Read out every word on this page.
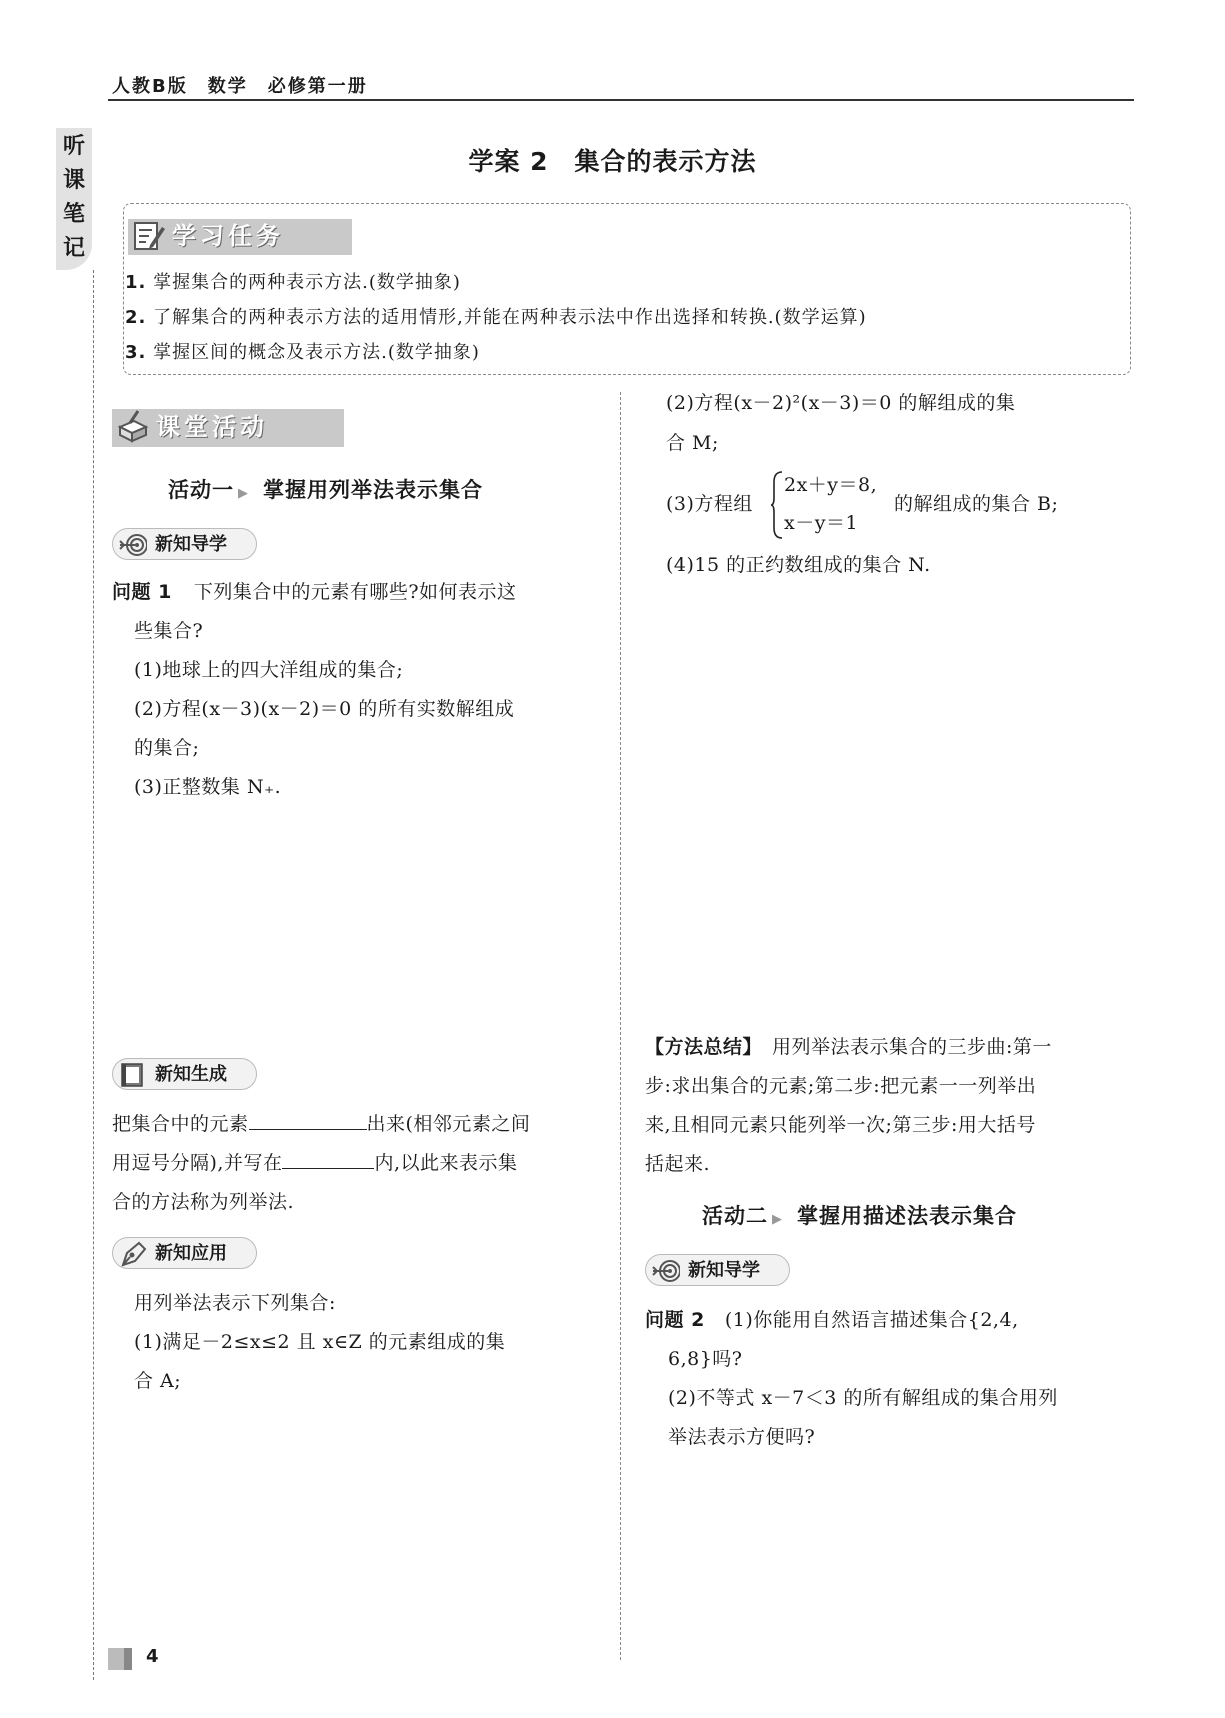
人教B版　数学　必修第一册
听
课
笔
记
学案 2　集合的表示方法
学习任务
1. 掌握集合的两种表示方法.(数学抽象)
2. 了解集合的两种表示方法的适用情形,并能在两种表示法中作出选择和转换.(数学运算)
3. 掌握区间的概念及表示方法.(数学抽象)
课堂活动
活动一 ▶ 掌握用列举法表示集合
新知导学
问题 1 下列集合中的元素有哪些?如何表示这
些集合?
(1)地球上的四大洋组成的集合;
(2)方程(x－3)(x－2)＝0 的所有实数解组成
的集合;
(3)正整数集 N₊.
新知生成
把集合中的元素	出来(相邻元素之间
用逗号分隔),并写在	内,以此来表示集
合的方法称为列举法.
新知应用
用列举法表示下列集合:
(1)满足－2≤x≤2 且 x∈Z 的元素组成的集
合 A;
(2)方程(x－2)²(x－3)＝0 的解组成的集
合 M;
(3)方程组
2x＋y＝8,
x－y＝1
的解组成的集合 B;
(4)15 的正约数组成的集合 N.
【方法总结】 用列举法表示集合的三步曲:第一
步:求出集合的元素;第二步:把元素一一列举出
来,且相同元素只能列举一次;第三步:用大括号
括起来.
活动二 ▶ 掌握用描述法表示集合
新知导学
问题 2 (1)你能用自然语言描述集合{2,4,
6,8}吗?
(2)不等式 x－7＜3 的所有解组成的集合用列
举法表示方便吗?
4
